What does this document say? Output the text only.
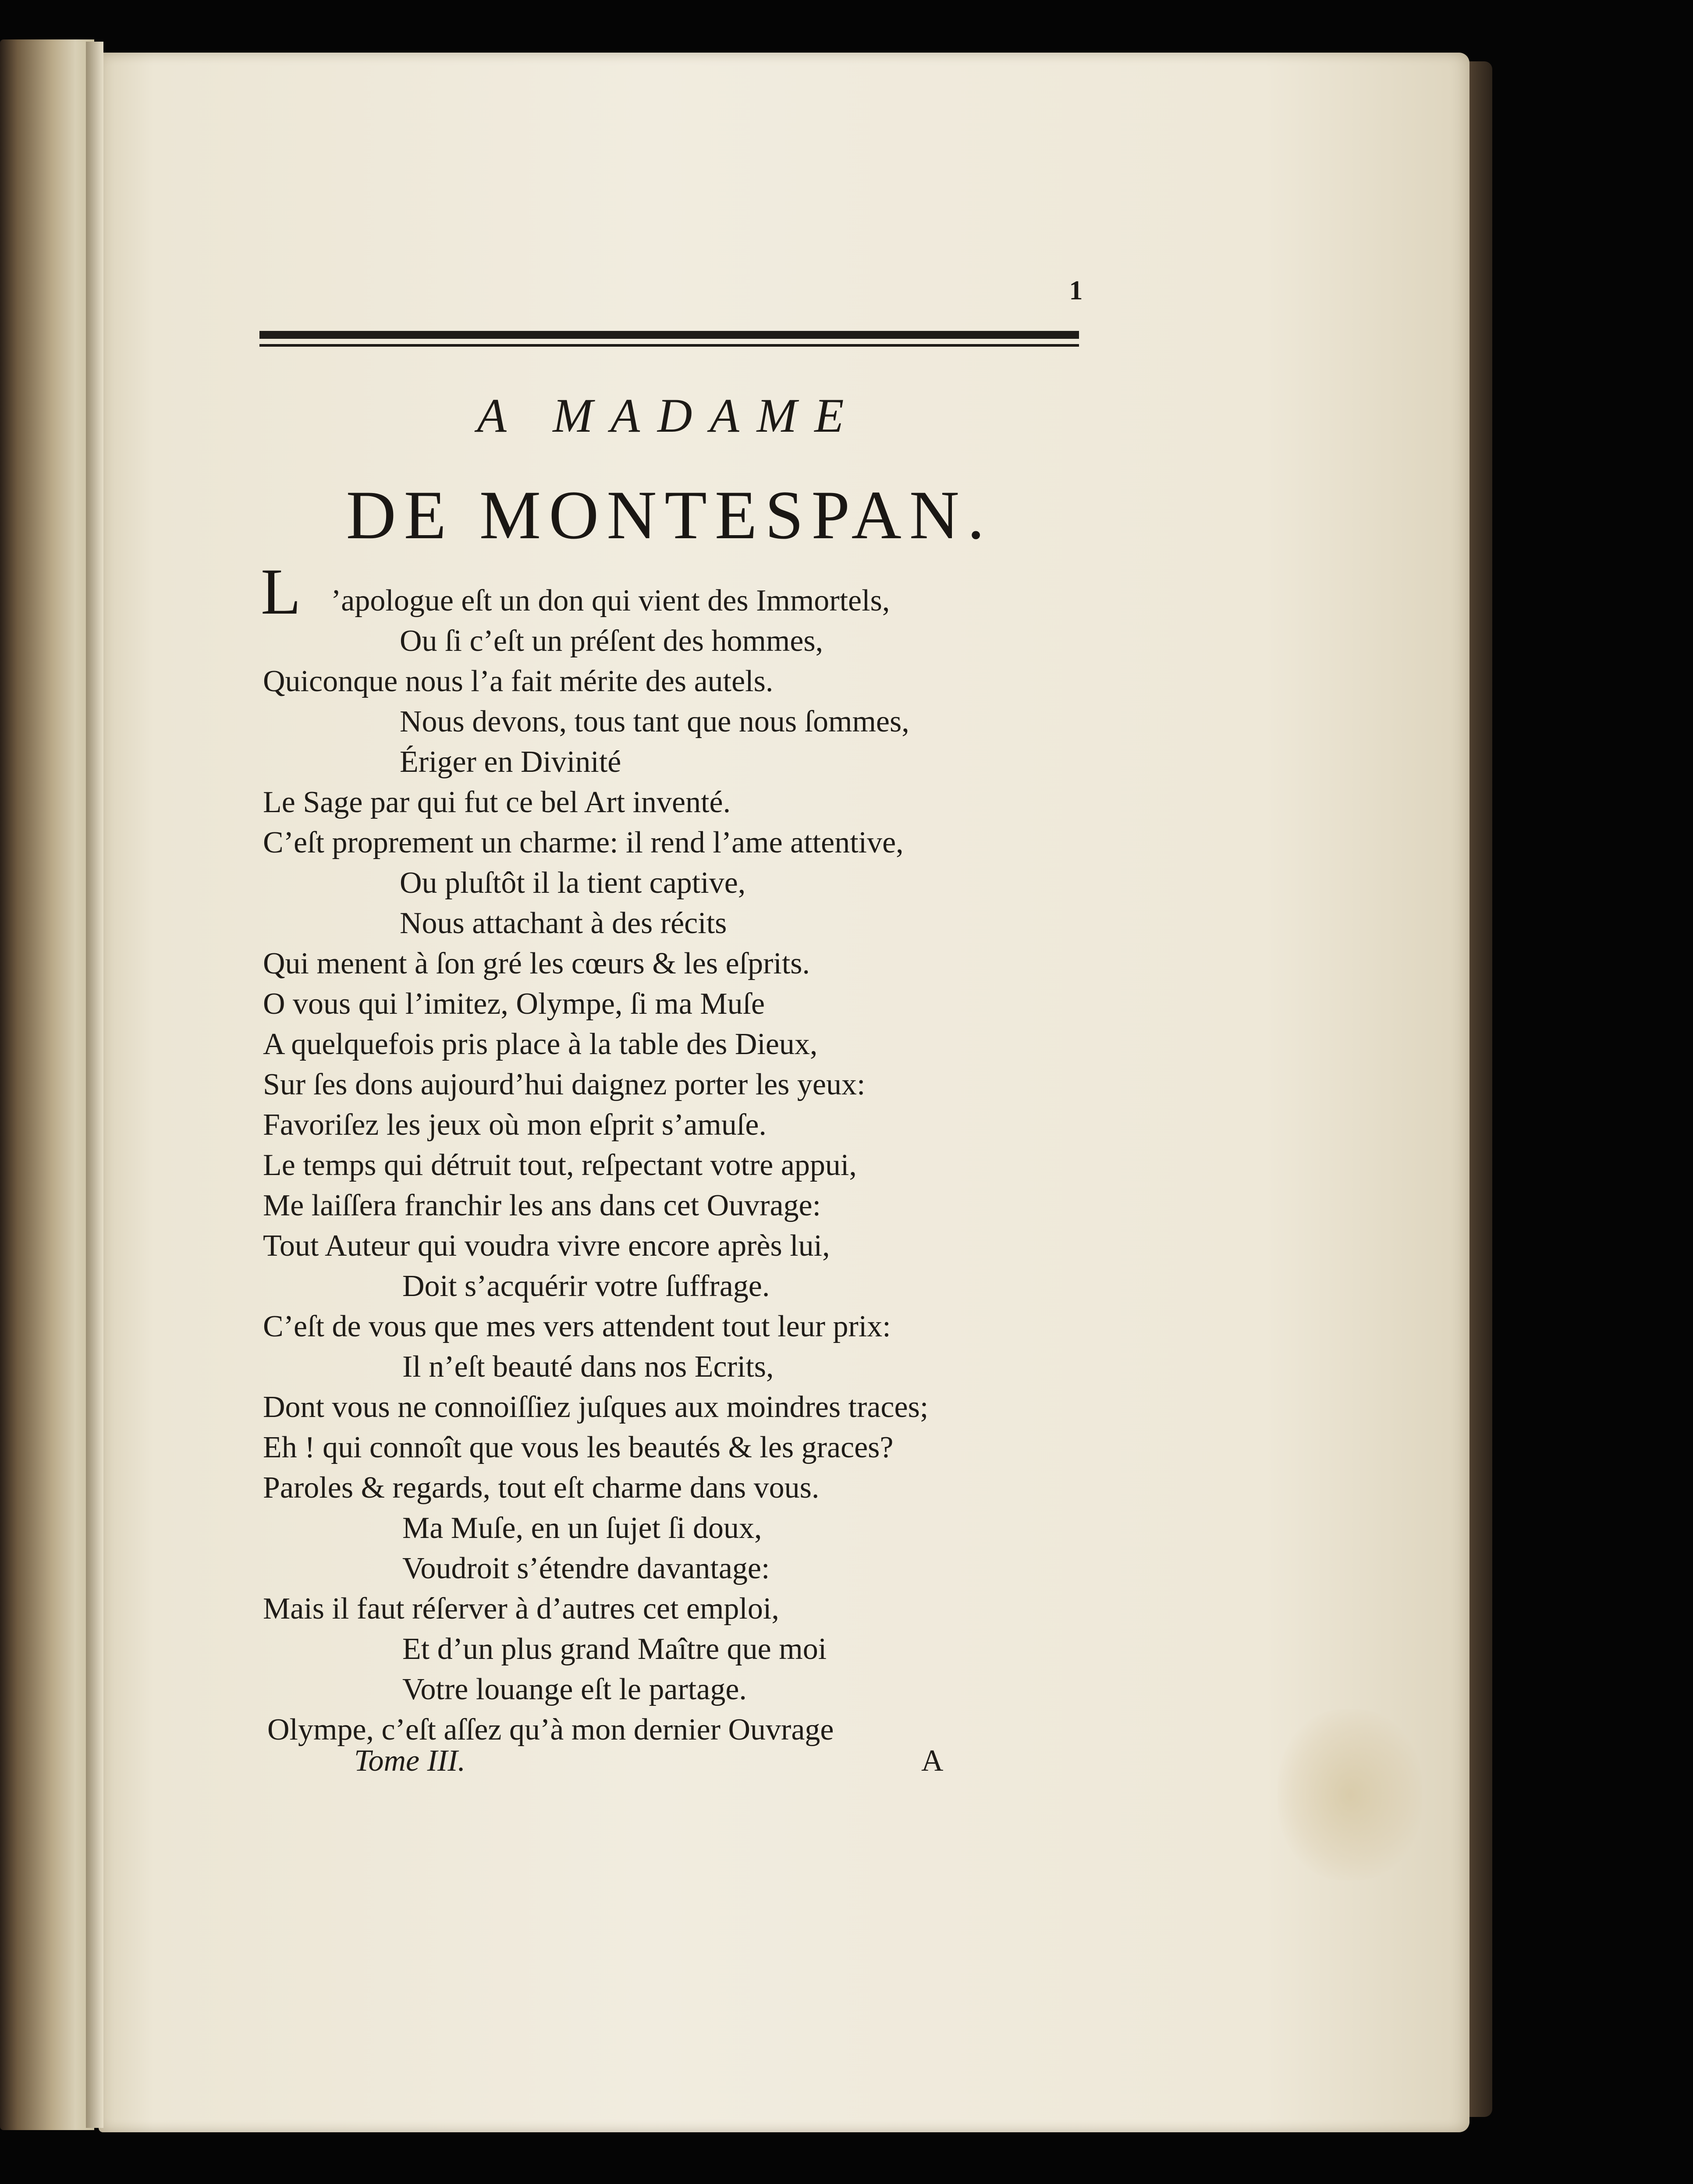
1
A MADAME
DE MONTESPAN.
L ’apologue eſt un don qui vient des Immortels,
Ou ſi c’eſt un préſent des hommes,
Quiconque nous l’a fait mérite des autels.
Nous devons, tous tant que nous ſommes,
Ériger en Divinité
Le Sage par qui fut ce bel Art inventé.
C’eſt proprement un charme: il rend l’ame attentive,
Ou pluſtôt il la tient captive,
Nous attachant à des récits
Qui menent à ſon gré les cœurs & les eſprits.
O vous qui l’imitez, Olympe, ſi ma Muſe
A quelquefois pris place à la table des Dieux,
Sur ſes dons aujourd’hui daignez porter les yeux:
Favoriſez les jeux où mon eſprit s’amuſe.
Le temps qui détruit tout, reſpectant votre appui,
Me laiſſera franchir les ans dans cet Ouvrage:
Tout Auteur qui voudra vivre encore après lui,
Doit s’acquérir votre ſuffrage.
C’eſt de vous que mes vers attendent tout leur prix:
Il n’eſt beauté dans nos Ecrits,
Dont vous ne connoiſſiez juſques aux moindres traces;
Eh ! qui connoît que vous les beautés & les graces?
Paroles & regards, tout eſt charme dans vous.
Ma Muſe, en un ſujet ſi doux,
Voudroit s’étendre davantage:
Mais il faut réſerver à d’autres cet emploi,
Et d’un plus grand Maître que moi
Votre louange eſt le partage.
Olympe, c’eſt aſſez qu’à mon dernier Ouvrage
Tome III.	A
